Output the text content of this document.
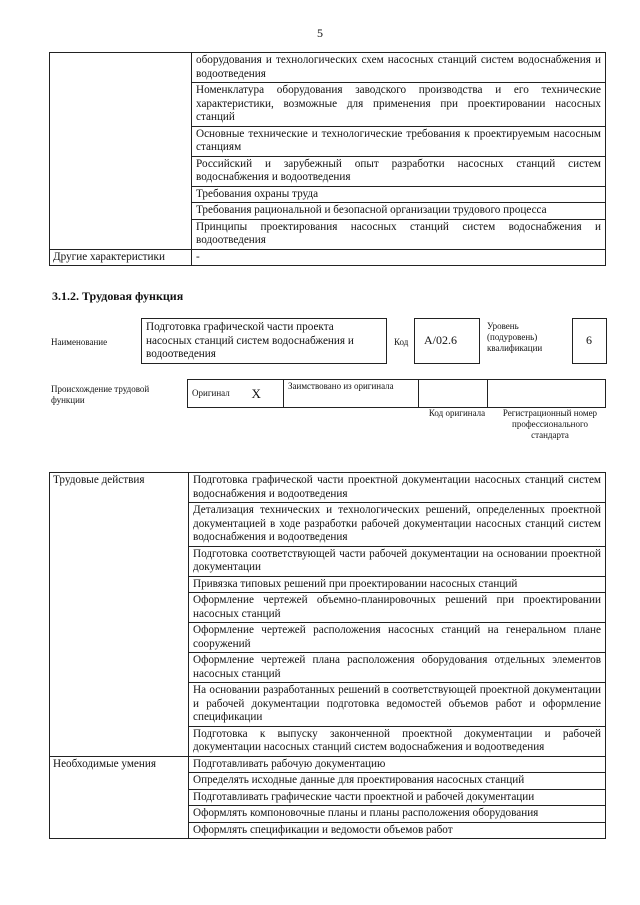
5
	оборудования и технологических схем насосных станций систем водоснабжения и водоотведения
	Номенклатура оборудования заводского производства и его технические характеристики, возможные для применения при проектировании насосных станций
	Основные технические и технологические требования к проектируемым насосным станциям
	Российский и зарубежный опыт разработки насосных станций систем водоснабжения и водоотведения
	Требования охраны труда
	Требования рациональной и безопасной организации трудового процесса
	Принципы проектирования насосных станций систем водоснабжения и водоотведения
Другие характеристики	-
3.1.2. Трудовая функция
Наименование
Подготовка графической части проекта насосных станций систем водоснабжения и водоотведения
Код	А/02.6
Уровень (подуровень) квалификации
6
Происхождение трудовой функции
Оригинал	X	Заимствовано из оригинала		
Код оригинала	Регистрационный номер профессионального стандарта
Трудовые действия	Подготовка графической части проектной документации насосных станций систем водоснабжения и водоотведения
	Детализация технических и технологических решений, определенных проектной документацией в ходе разработки рабочей документации насосных станций систем водоснабжения и водоотведения
	Подготовка соответствующей части рабочей документации на основании проектной документации
	Привязка типовых решений при проектировании насосных станций
	Оформление чертежей объемно-планировочных решений при проектировании насосных станций
	Оформление чертежей расположения насосных станций на генеральном плане сооружений
	Оформление чертежей плана расположения оборудования отдельных элементов насосных станций
	На основании разработанных решений в соответствующей проектной документации и рабочей документации подготовка ведомостей объемов работ и оформление спецификации
	Подготовка к выпуску законченной проектной документации и рабочей документации насосных станций систем водоснабжения и водоотведения
Необходимые умения	Подготавливать рабочую документацию
	Определять исходные данные для проектирования насосных станций
	Подготавливать графические части проектной и рабочей документации
	Оформлять компоновочные планы и планы расположения оборудования
	Оформлять спецификации и ведомости объемов работ
